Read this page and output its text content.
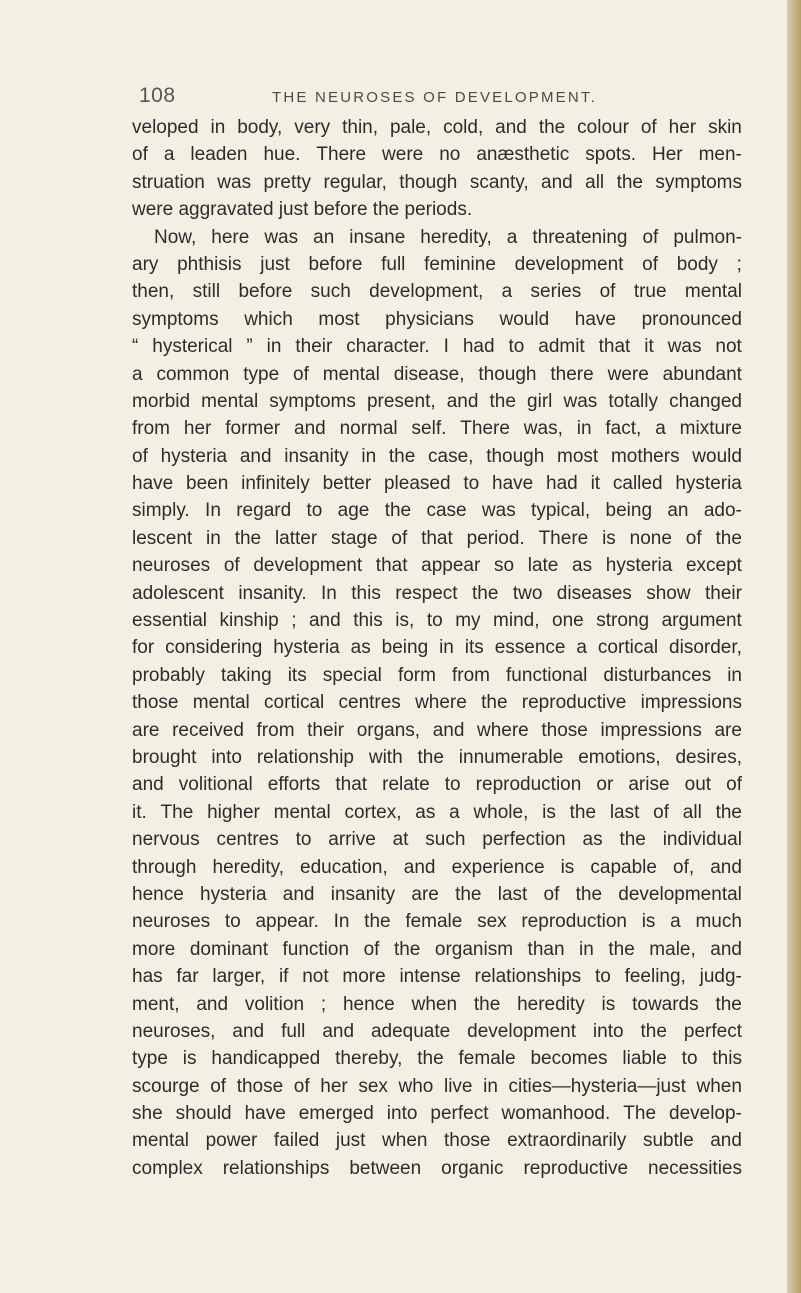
108	THE NEUROSES OF DEVELOPMENT.
veloped in body, very thin, pale, cold, and the colour of her skin
of a leaden hue. There were no anæsthetic spots. Her men-
struation was pretty regular, though scanty, and all the symptoms
were aggravated just before the periods.
Now, here was an insane heredity, a threatening of pulmon-
ary phthisis just before full feminine development of body ;
then, still before such development, a series of true mental
symptoms which most physicians would have pronounced
“ hysterical ” in their character. I had to admit that it was not
a common type of mental disease, though there were abundant
morbid mental symptoms present, and the girl was totally changed
from her former and normal self. There was, in fact, a mixture
of hysteria and insanity in the case, though most mothers would
have been infinitely better pleased to have had it called hysteria
simply. In regard to age the case was typical, being an ado-
lescent in the latter stage of that period. There is none of the
neuroses of development that appear so late as hysteria except
adolescent insanity. In this respect the two diseases show their
essential kinship ; and this is, to my mind, one strong argument
for considering hysteria as being in its essence a cortical disorder,
probably taking its special form from functional disturbances in
those mental cortical centres where the reproductive impressions
are received from their organs, and where those impressions are
brought into relationship with the innumerable emotions, desires,
and volitional efforts that relate to reproduction or arise out of
it. The higher mental cortex, as a whole, is the last of all the
nervous centres to arrive at such perfection as the individual
through heredity, education, and experience is capable of, and
hence hysteria and insanity are the last of the developmental
neuroses to appear. In the female sex reproduction is a much
more dominant function of the organism than in the male, and
has far larger, if not more intense relationships to feeling, judg-
ment, and volition ; hence when the heredity is towards the
neuroses, and full and adequate development into the perfect
type is handicapped thereby, the female becomes liable to this
scourge of those of her sex who live in cities—hysteria—just when
she should have emerged into perfect womanhood. The develop-
mental power failed just when those extraordinarily subtle and
complex relationships between organic reproductive necessities
